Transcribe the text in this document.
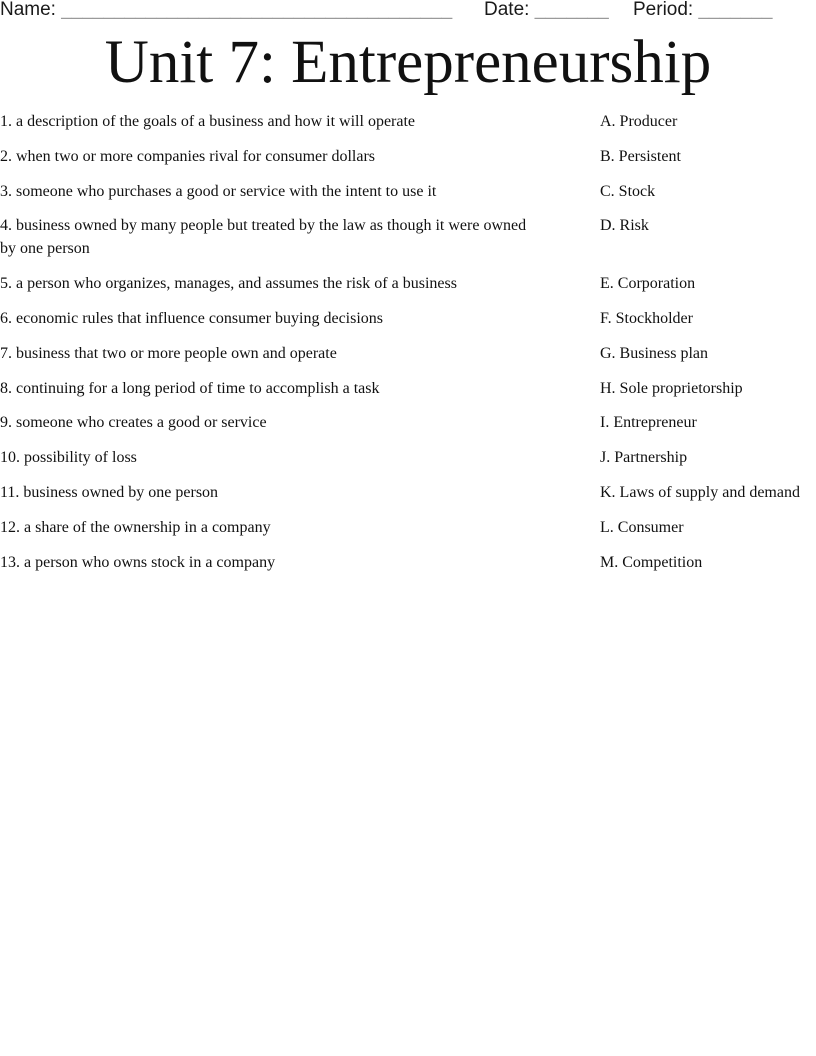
Name: _____________________________________ Date: _______ Period: _______
Unit 7: Entrepreneurship

1. a description of the goals of a business and how it will operate

2. when two or more companies rival for consumer dollars

3. someone who purchases a good or service with the intent to use it

4. business owned by many people but treated by the law as though it were owned by one person

5. a person who organizes, manages, and assumes the risk of a business

6. economic rules that influence consumer buying decisions

7. business that two or more people own and operate

8. continuing for a long period of time to accomplish a task

9. someone who creates a good or service

10. possibility of loss

11. business owned by one person

12. a share of the ownership in a company

13. a person who owns stock in a company

A. Producer

B. Persistent

C. Stock

D. Risk

E. Corporation

F. Stockholder

G. Business plan

H. Sole proprietorship

I. Entrepreneur

J. Partnership

K. Laws of supply and demand

L. Consumer

M. Competition
